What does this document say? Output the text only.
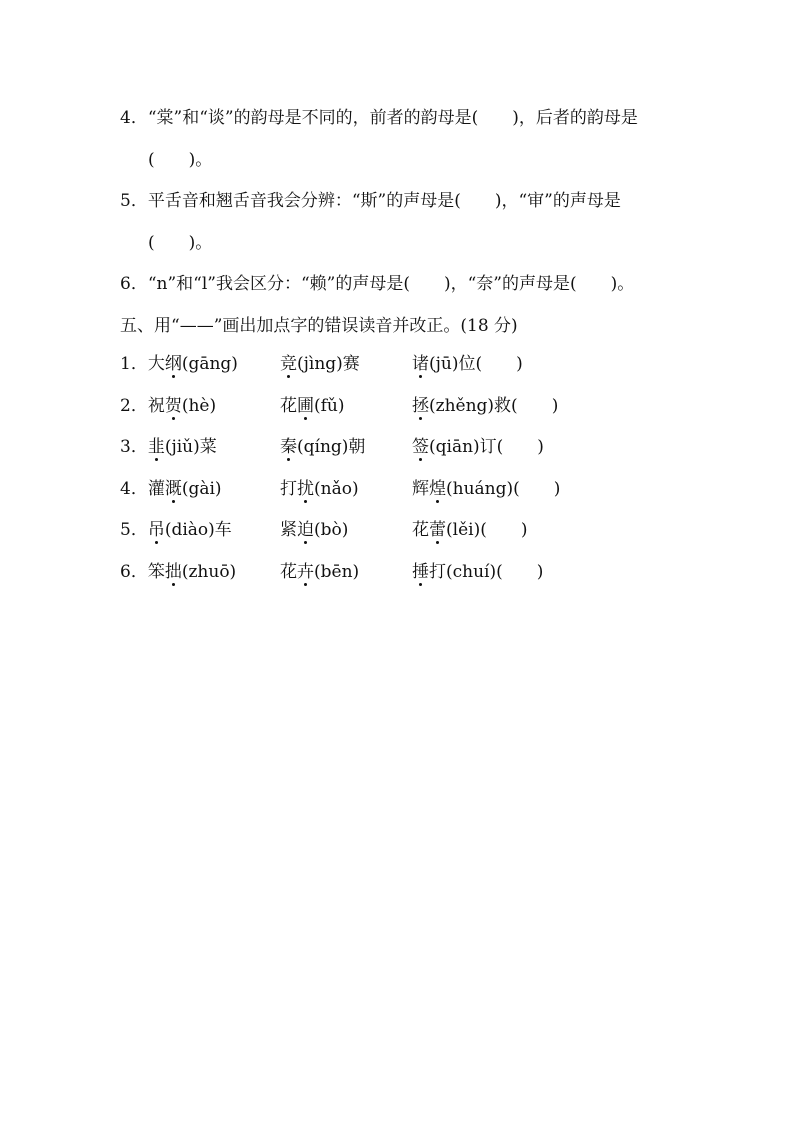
4．“棠”和“谈”的韵母是不同的，前者的韵母是(　　)，后者的韵母是
(　　)。
5．平舌音和翘舌音我会分辨：“斯”的声母是(　　)，“审”的声母是
(　　)。
6．“n”和“l”我会区分：“赖”的声母是(　　)，“奈”的声母是(　　)。
五、用“——”画出加点字的错误读音并改正。(18 分)
1．大纲(gāng) 竞(jìng)赛	诸(jū)位(　　)
2．祝贺(hè)	花圃(fǔ)	拯(zhěng)救(　　)
3．韭(jiǔ)菜	秦(qíng)朝	签(qiān)订(　　)
4．灌溉(gài)	打扰(nǎo)	辉煌(huáng)(　　)
5．吊(diào)车	紧迫(bò)	花蕾(lěi)(　　)
6．笨拙(zhuō)	花卉(bēn)	捶打(chuí)(　　)
